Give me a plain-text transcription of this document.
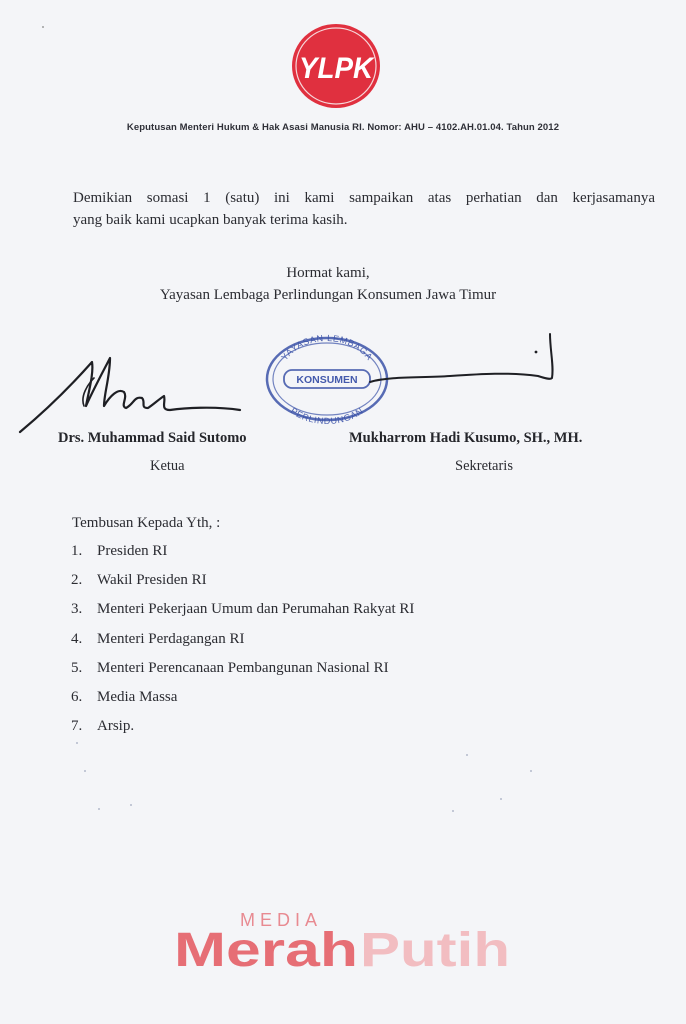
YLPK
Keputusan Menteri Hukum & Hak Asasi Manusia RI. Nomor: AHU – 4102.AH.01.04. Tahun 2012
Demikian somasi 1 (satu) ini kami sampaikan atas perhatian dan kerjasamanya
yang baik kami ucapkan banyak terima kasih.
Hormat kami,
Yayasan Lembaga Perlindungan Konsumen Jawa Timur
YAYASAN LEMBAGA
KONSUMEN
PERLINDUNGAN
Drs. Muhammad Said Sutomo	Mukharrom Hadi Kusumo, SH., MH.
Ketua	Sekretaris
Tembusan Kepada Yth, :
1. Presiden RI
2. Wakil Presiden RI
3. Menteri Pekerjaan Umum dan Perumahan Rakyat RI
4. Menteri Perdagangan RI
5. Menteri Perencanaan Pembangunan Nasional RI
6. Media Massa
7. Arsip.
MEDIA
Merah Putih
